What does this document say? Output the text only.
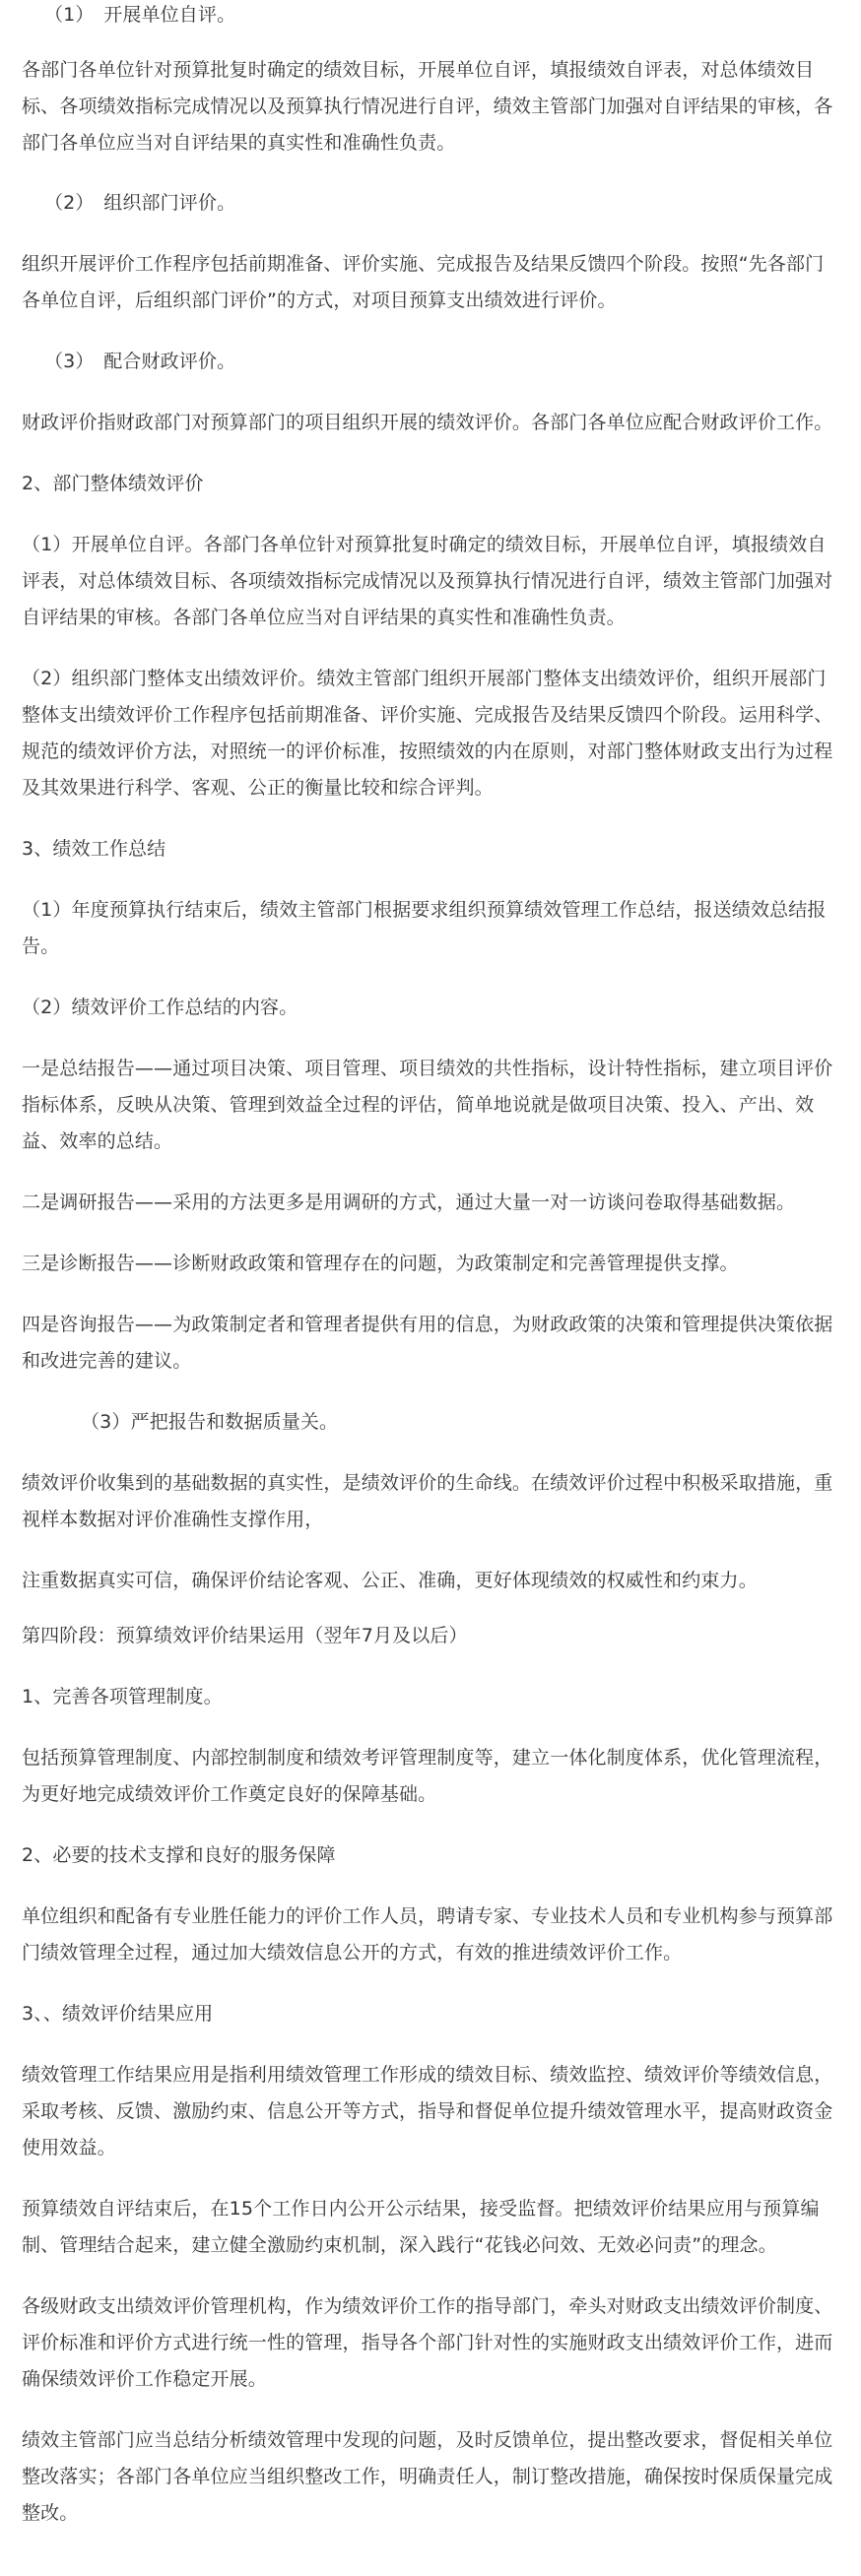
（1）　开展单位自评。

各部门各单位针对预算批复时确定的绩效目标，开展单位自评，填报绩效自评表，对总体绩效目标、各项绩效指标完成情况以及预算执行情况进行自评，绩效主管部门加强对自评结果的审核，各部门各单位应当对自评结果的真实性和准确性负责。

（2）　组织部门评价。

组织开展评价工作程序包括前期准备、评价实施、完成报告及结果反馈四个阶段。按照“先各部门各单位自评，后组织部门评价”的方式，对项目预算支出绩效进行评价。

（3）　配合财政评价。

财政评价指财政部门对预算部门的项目组织开展的绩效评价。各部门各单位应配合财政评价工作。

2、部门整体绩效评价

（1）开展单位自评。各部门各单位针对预算批复时确定的绩效目标，开展单位自评，填报绩效自评表，对总体绩效目标、各项绩效指标完成情况以及预算执行情况进行自评，绩效主管部门加强对自评结果的审核。各部门各单位应当对自评结果的真实性和准确性负责。

（2）组织部门整体支出绩效评价。绩效主管部门组织开展部门整体支出绩效评价，组织开展部门整体支出绩效评价工作程序包括前期准备、评价实施、完成报告及结果反馈四个阶段。运用科学、规范的绩效评价方法，对照统一的评价标准，按照绩效的内在原则，对部门整体财政支出行为过程及其效果进行科学、客观、公正的衡量比较和综合评判。

3、绩效工作总结

（1）年度预算执行结束后，绩效主管部门根据要求组织预算绩效管理工作总结，报送绩效总结报告。

（2）绩效评价工作总结的内容。

一是总结报告——通过项目决策、项目管理、项目绩效的共性指标，设计特性指标，建立项目评价指标体系，反映从决策、管理到效益全过程的评估，简单地说就是做项目决策、投入、产出、效益、效率的总结。

二是调研报告——采用的方法更多是用调研的方式，通过大量一对一访谈问卷取得基础数据。

三是诊断报告——诊断财政政策和管理存在的问题，为政策制定和完善管理提供支撑。

四是咨询报告——为政策制定者和管理者提供有用的信息，为财政政策的决策和管理提供决策依据和改进完善的建议。

（3）严把报告和数据质量关。

绩效评价收集到的基础数据的真实性，是绩效评价的生命线。在绩效评价过程中积极采取措施，重视样本数据对评价准确性支撑作用，

注重数据真实可信，确保评价结论客观、公正、准确，更好体现绩效的权威性和约束力。

第四阶段：预算绩效评价结果运用（翌年7月及以后）

1、完善各项管理制度。

包括预算管理制度、内部控制制度和绩效考评管理制度等，建立一体化制度体系，优化管理流程，为更好地完成绩效评价工作奠定良好的保障基础。

2、必要的技术支撑和良好的服务保障

单位组织和配备有专业胜任能力的评价工作人员，聘请专家、专业技术人员和专业机构参与预算部门绩效管理全过程，通过加大绩效信息公开的方式，有效的推进绩效评价工作。

3、、绩效评价结果应用

绩效管理工作结果应用是指利用绩效管理工作形成的绩效目标、绩效监控、绩效评价等绩效信息，采取考核、反馈、激励约束、信息公开等方式，指导和督促单位提升绩效管理水平，提高财政资金使用效益。

预算绩效自评结束后，在15个工作日内公开公示结果，接受监督。把绩效评价结果应用与预算编制、管理结合起来，建立健全激励约束机制，深入践行“花钱必问效、无效必问责”的理念。

各级财政支出绩效评价管理机构，作为绩效评价工作的指导部门，牵头对财政支出绩效评价制度、评价标准和评价方式进行统一性的管理，指导各个部门针对性的实施财政支出绩效评价工作，进而确保绩效评价工作稳定开展。

绩效主管部门应当总结分析绩效管理中发现的问题，及时反馈单位，提出整改要求，督促相关单位整改落实；各部门各单位应当组织整改工作，明确责任人，制订整改措施，确保按时保质保量完成整改。
